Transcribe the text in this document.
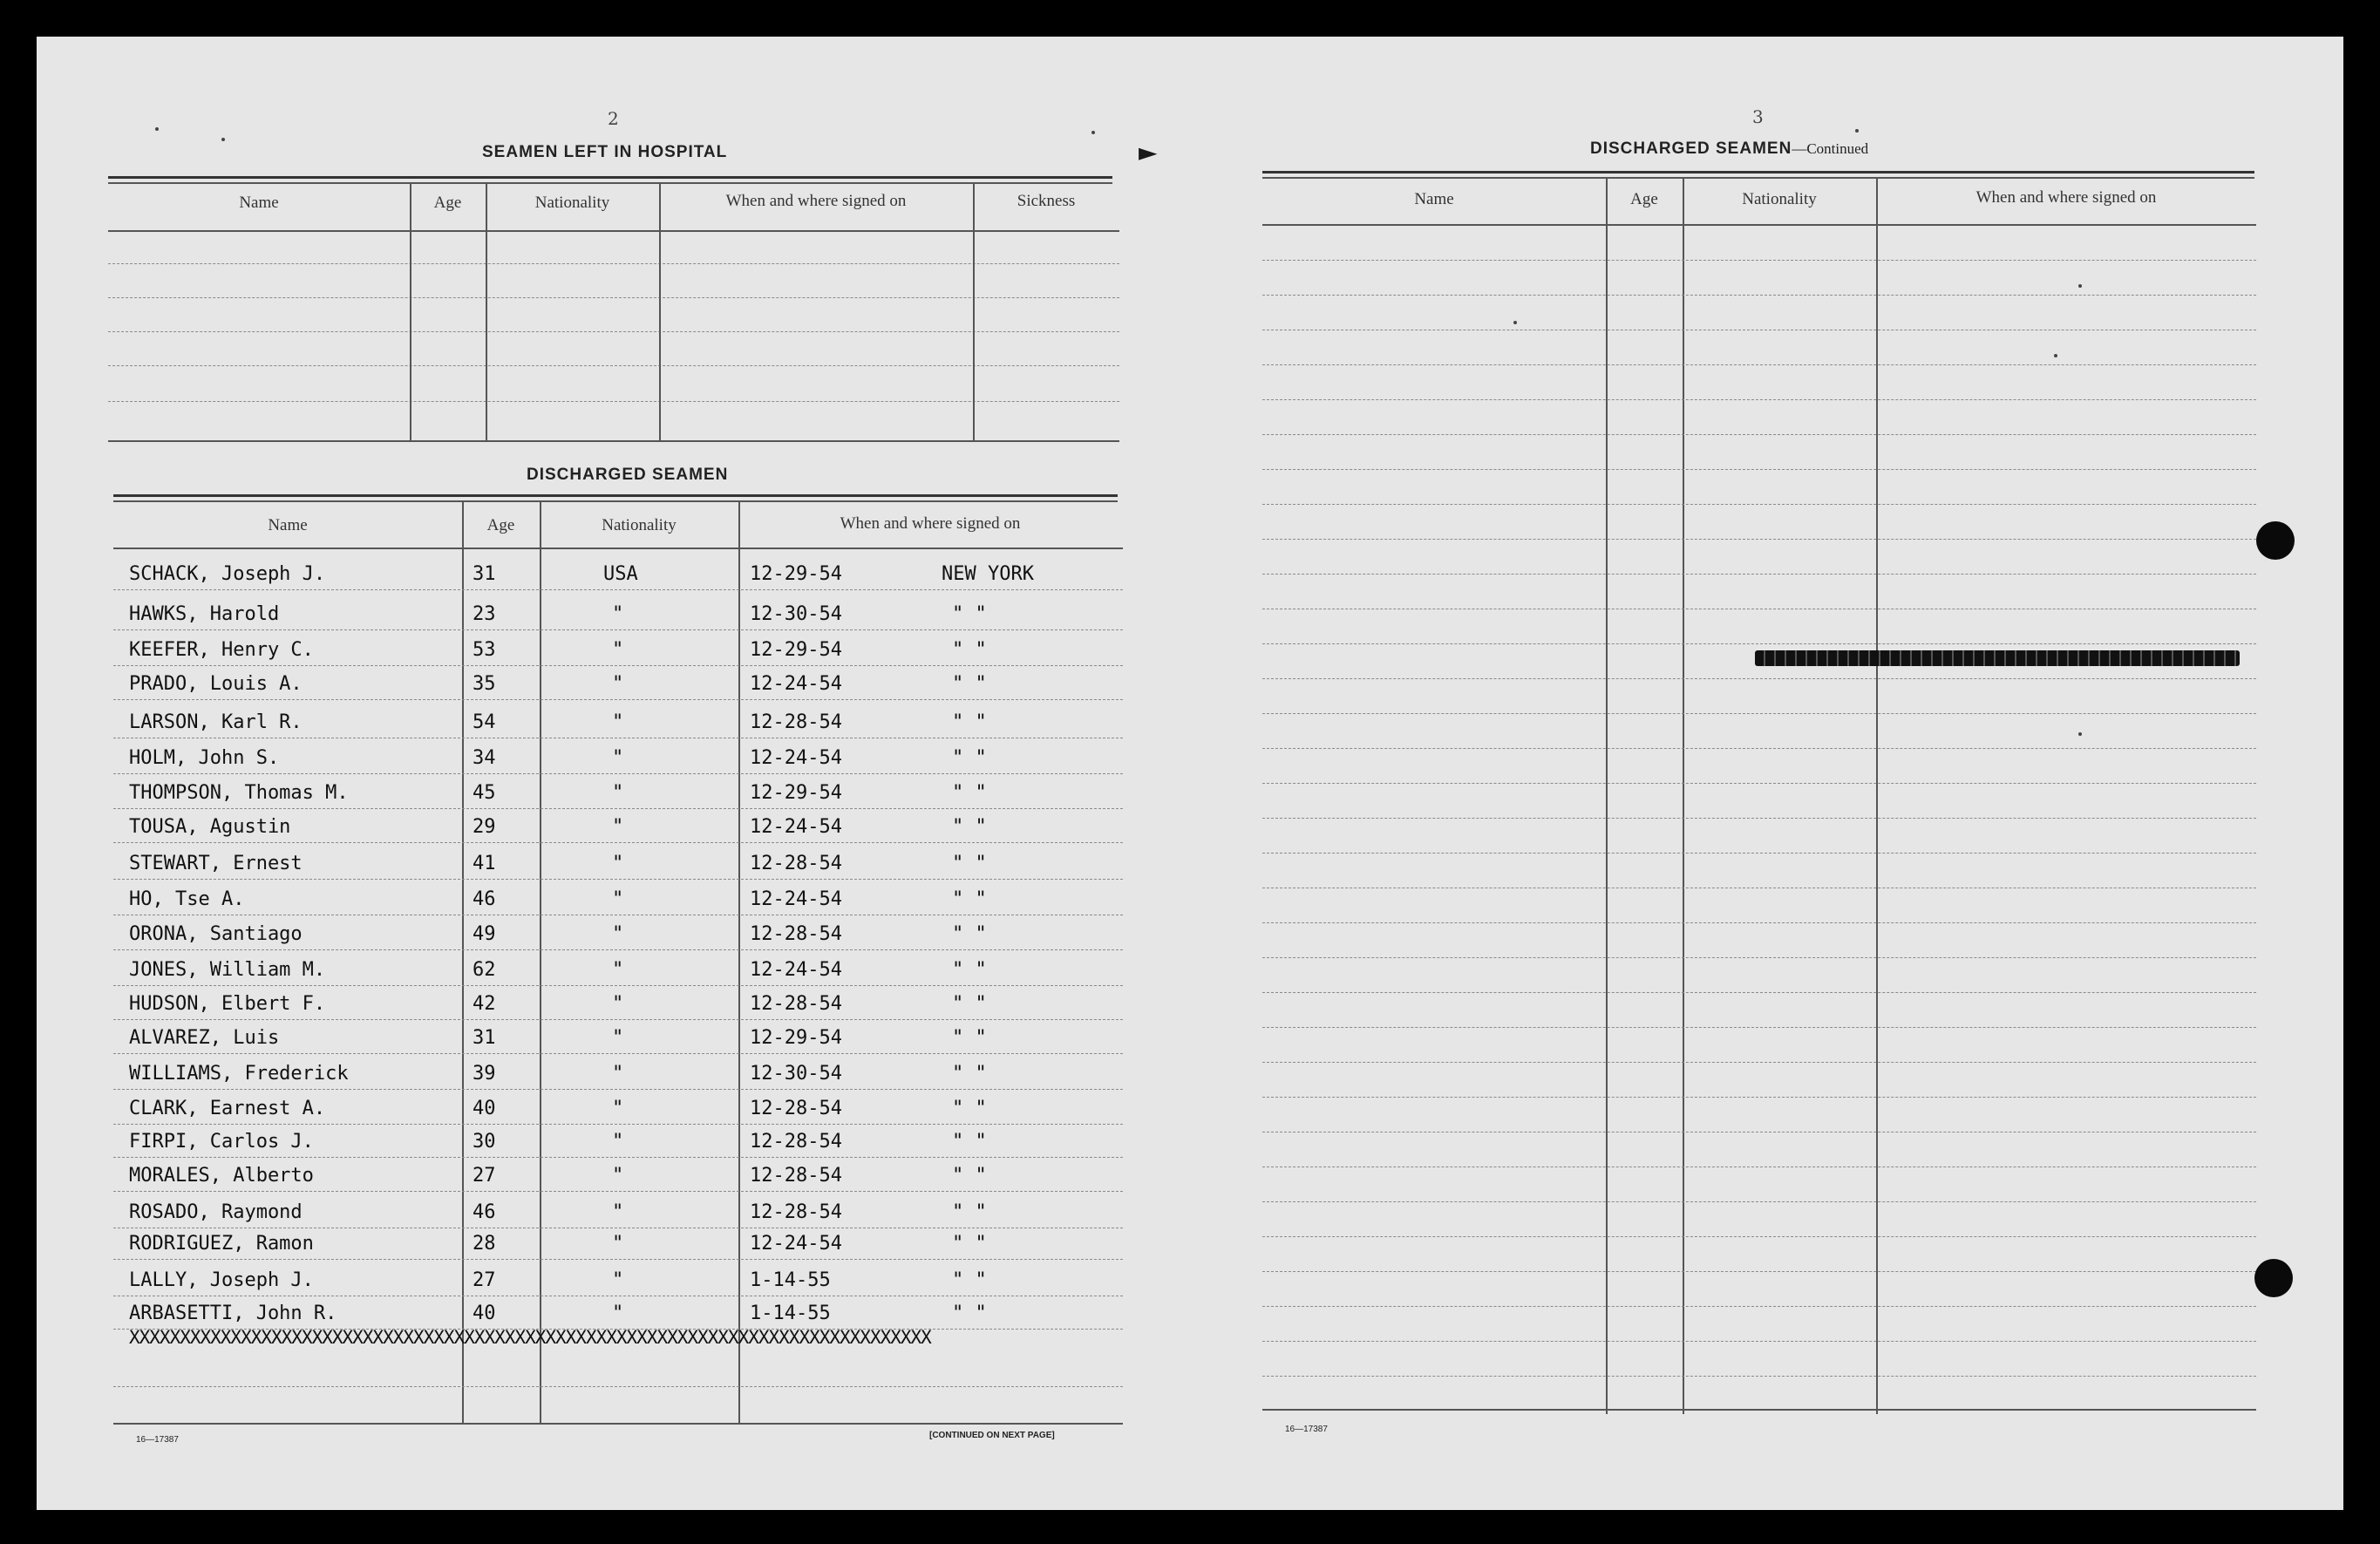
2
SEAMEN LEFT IN HOSPITAL
Name	Age	Nationality	When and where signed on	Sickness
DISCHARGED SEAMEN
Name	Age	Nationality	When and where signed on
SCHACK, Joseph J.	31	USA	12-29-54	NEW YORK
HAWKS, Harold	23	"	12-30-54	" "
KEEFER, Henry C.	53	"	12-29-54	" "
PRADO, Louis A.	35	"	12-24-54	" "
LARSON, Karl R.	54	"	12-28-54	" "
HOLM, John S.	34	"	12-24-54	" "
THOMPSON, Thomas M.	45	"	12-29-54	" "
TOUSA, Agustin	29	"	12-24-54	" "
STEWART, Ernest	41	"	12-28-54	" "
HO, Tse A.	46	"	12-24-54	" "
ORONA, Santiago	49	"	12-28-54	" "
JONES, William M.	62	"	12-24-54	" "
HUDSON, Elbert F.	42	"	12-28-54	" "
ALVAREZ, Luis	31	"	12-29-54	" "
WILLIAMS, Frederick	39	"	12-30-54	" "
CLARK, Earnest A.	40	"	12-28-54	" "
FIRPI, Carlos J.	30	"	12-28-54	" "
MORALES, Alberto	27	"	12-28-54	" "
ROSADO, Raymond	46	"	12-28-54	" "
RODRIGUEZ, Ramon	28	"	12-24-54	" "
LALLY, Joseph J.	27	"	1-14-55	" "
ARBASETTI, John R.	40	"	1-14-55	" "
XXXXXXXXXXXXXXXXXXXXXXXXXXXXXXXXXXXXXXXXXXXXXXXXXXXXXXXXXXXXXXXXXXXXXXXXXXXXXXX
16—17387	[CONTINUED ON NEXT PAGE]
3
DISCHARGED SEAMEN—Continued
Name	Age	Nationality	When and where signed on
16—17387
►
